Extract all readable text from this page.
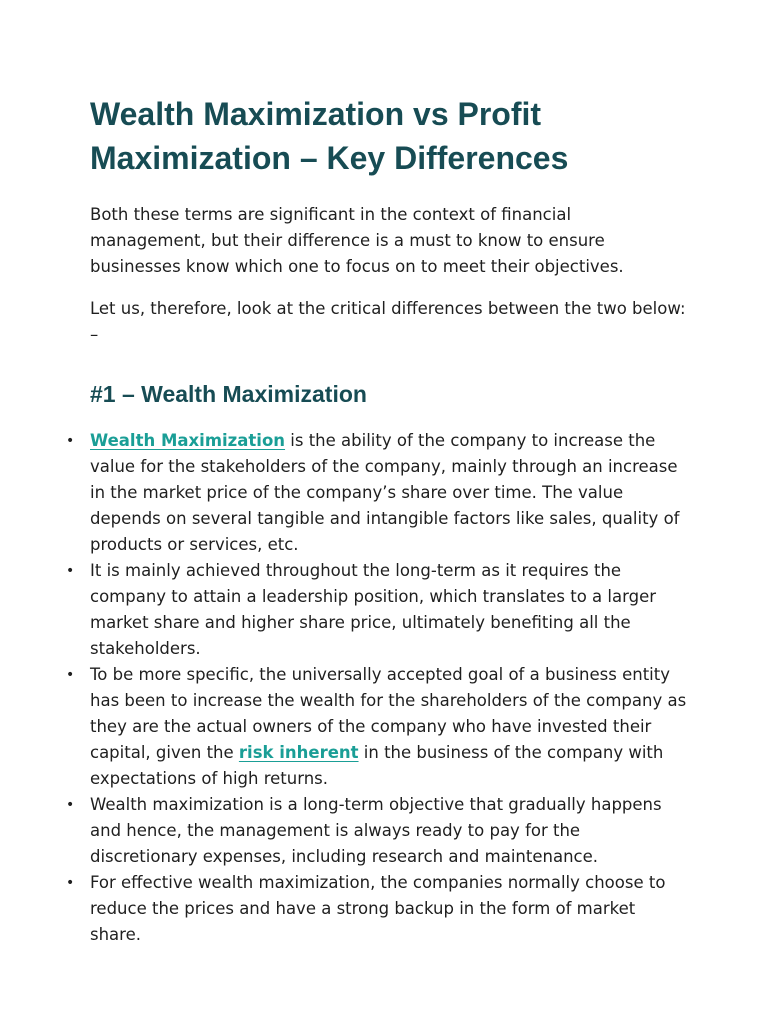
Wealth Maximization vs Profit Maximization – Key Differences

Both these terms are significant in the context of financial management, but their difference is a must to know to ensure businesses know which one to focus on to meet their objectives.

Let us, therefore, look at the critical differences between the two below: –

#1 – Wealth Maximization
• Wealth Maximization is the ability of the company to increase the value for the stakeholders of the company, mainly through an increase in the market price of the company’s share over time. The value depends on several tangible and intangible factors like sales, quality of products or services, etc.
• It is mainly achieved throughout the long-term as it requires the company to attain a leadership position, which translates to a larger market share and higher share price, ultimately benefiting all the stakeholders.
• To be more specific, the universally accepted goal of a business entity has been to increase the wealth for the shareholders of the company as they are the actual owners of the company who have invested their capital, given the risk inherent in the business of the company with expectations of high returns.
• Wealth maximization is a long-term objective that gradually happens and hence, the management is always ready to pay for the discretionary expenses, including research and maintenance.
• For effective wealth maximization, the companies normally choose to reduce the prices and have a strong backup in the form of market share.
